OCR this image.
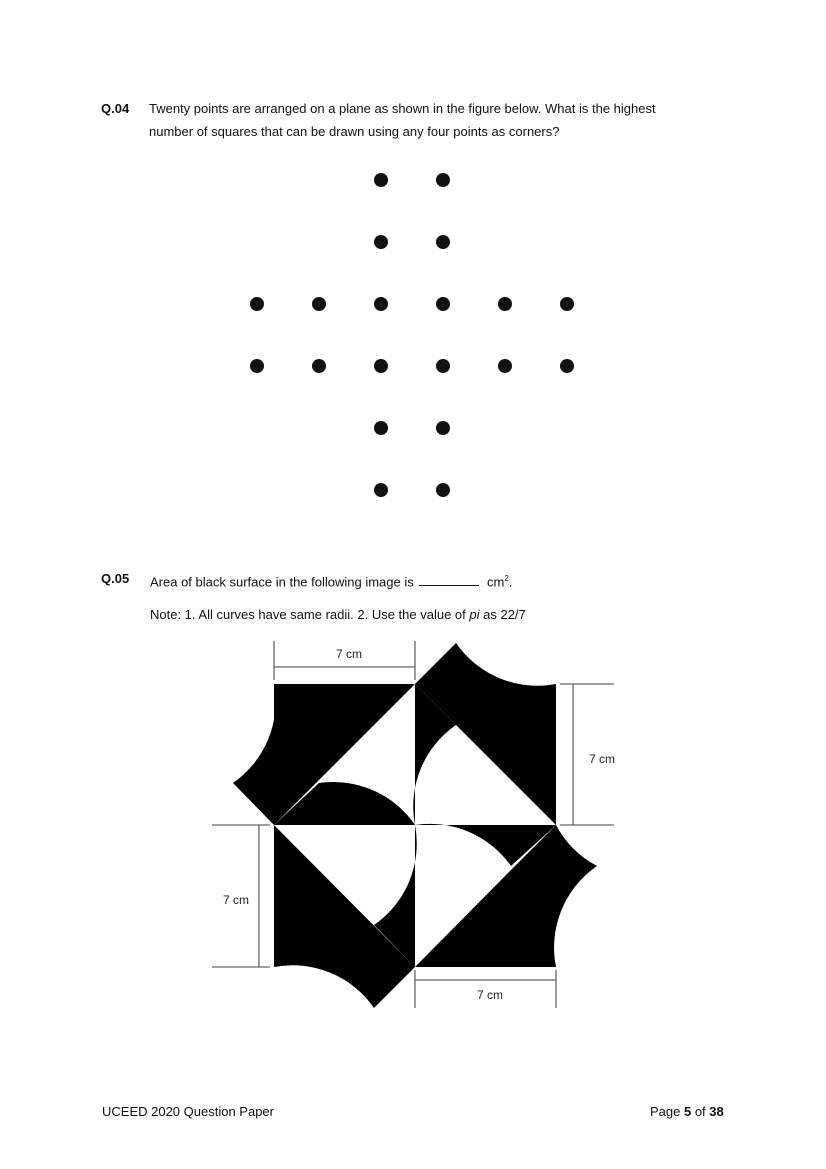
Q.04 Twenty points are arranged on a plane as shown in the figure below. What is the highest
number of squares that can be drawn using any four points as corners?
Q.05 Area of black surface in the following image is	$cm^2$.
Note: 1. All curves have same radii. 2. Use the value of pi as 22/7
7 cm
7 cm
7 cm
7 cm
UCEED 2020 Question Paper	Page 5 of 38
